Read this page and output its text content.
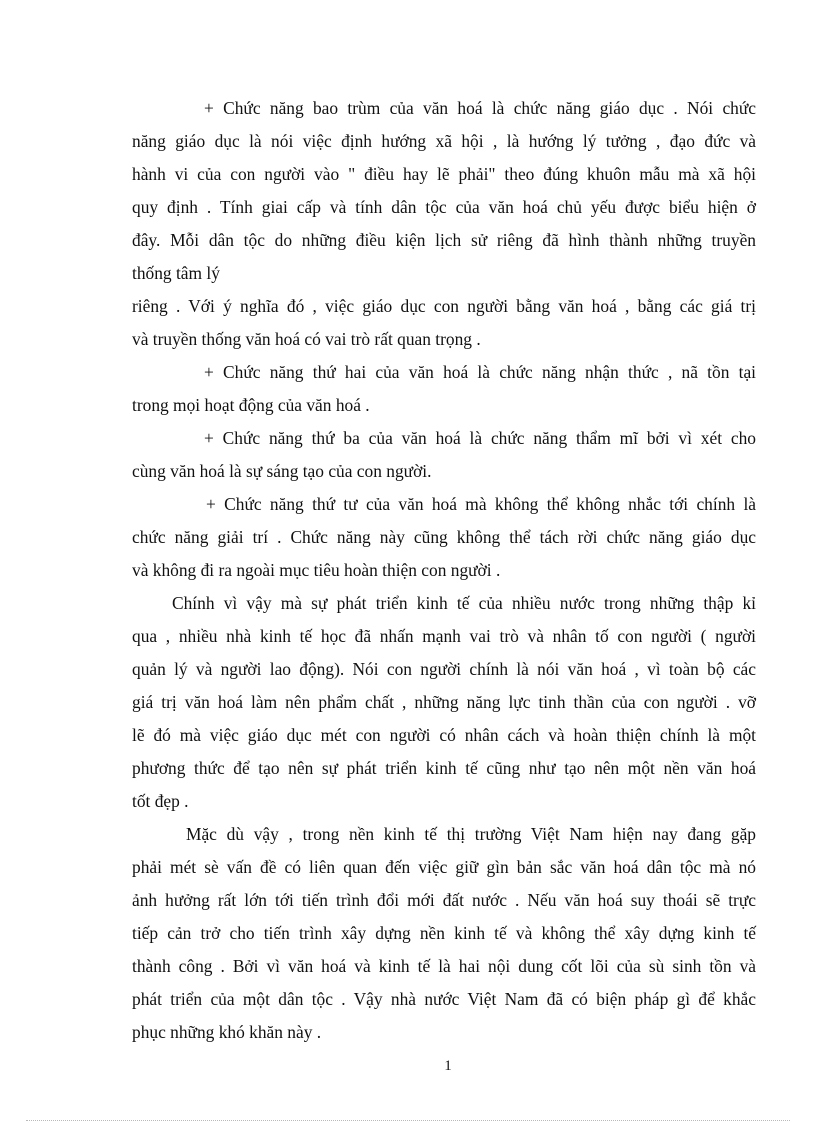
+ Chức năng bao trùm của văn hoá là chức năng giáo dục . Nói chức
năng giáo dục là nói việc định hướng xã hội , là hướng lý tưởng , đạo đức và
hành vi của con người vào " điều hay lẽ phải" theo đúng khuôn mẫu mà xã hội
quy định . Tính giai cấp và tính dân tộc của văn hoá chủ yếu được biểu hiện ở
đây. Mỗi dân tộc do những điều kiện lịch sử riêng đã hình thành những truyền
thống tâm lý

riêng . Với ý nghĩa đó , việc giáo dục con người bằng văn hoá , bằng các giá trị
và truyền thống văn hoá có vai trò rất quan trọng .

+ Chức năng thứ hai của văn hoá là chức năng nhận thức , nã tồn tại
trong mọi hoạt động của văn hoá .

+ Chức năng thứ ba của văn hoá là chức năng thẩm mĩ bởi vì xét cho
cùng văn hoá là sự sáng tạo của con người.

+ Chức năng thứ tư của văn hoá mà không thể không nhắc tới chính là
chức năng giải trí . Chức năng này cũng không thể tách rời chức năng giáo dục
và không đi ra ngoài mục tiêu hoàn thiện con người .

Chính vì vậy mà sự phát triển kinh tế của nhiều nước trong những thập kỉ
qua , nhiều nhà kinh tế học đã nhấn mạnh vai trò và nhân tố con người ( người
quản lý và người lao động). Nói con người chính là nói văn hoá , vì toàn bộ các
giá trị văn hoá làm nên phẩm chất , những năng lực tinh thần của con người . vỡ
lẽ đó mà việc giáo dục mét con người có nhân cách và hoàn thiện chính là một
phương thức để tạo nên sự phát triển kinh tế cũng như tạo nên một nền văn hoá
tốt đẹp .

Mặc dù vậy , trong nền kinh tế thị trường Việt Nam hiện nay đang gặp
phải mét sè vấn đề có liên quan đến việc giữ gìn bản sắc văn hoá dân tộc mà nó
ảnh hưởng rất lớn tới tiến trình đổi mới đất nước . Nếu văn hoá suy thoái sẽ trực
tiếp cản trở cho tiến trình xây dựng nền kinh tế và không thể xây dựng kinh tế
thành công . Bởi vì văn hoá và kinh tế là hai nội dung cốt lõi của sù sinh tồn và
phát triển của một dân tộc . Vậy nhà nước Việt Nam đã có biện pháp gì để khắc
phục những khó khăn này .

1
